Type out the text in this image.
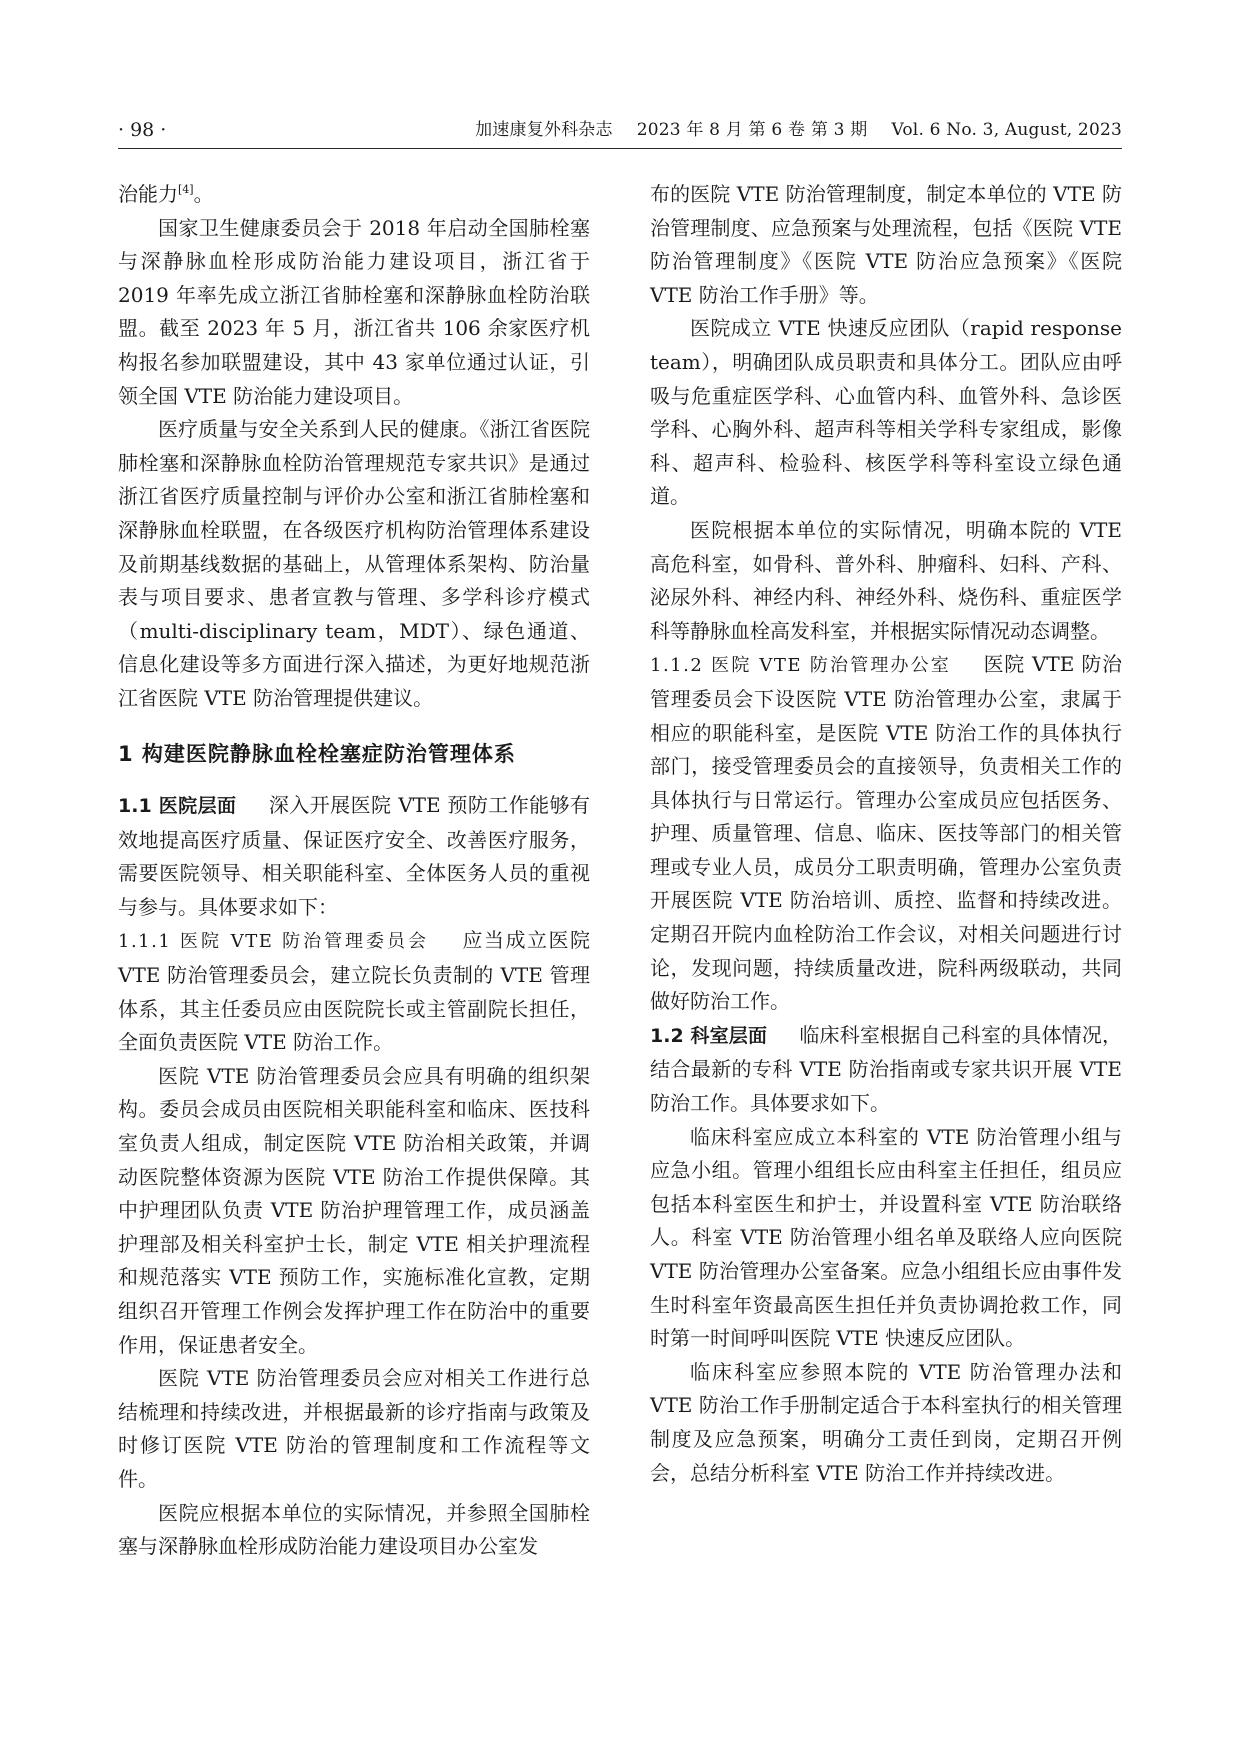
· 98 ·	加速康复外科杂志 2023 年 8 月 第 6 卷 第 3 期 Vol. 6 No. 3, August, 2023

治能力[4]。

国家卫生健康委员会于 2018 年启动全国肺栓塞与深静脉血栓形成防治能力建设项目，浙江省于 2019 年率先成立浙江省肺栓塞和深静脉血栓防治联盟。截至 2023 年 5 月，浙江省共 106 余家医疗机构报名参加联盟建设，其中 43 家单位通过认证，引领全国 VTE 防治能力建设项目。

医疗质量与安全关系到人民的健康。《浙江省医院肺栓塞和深静脉血栓防治管理规范专家共识》是通过浙江省医疗质量控制与评价办公室和浙江省肺栓塞和深静脉血栓联盟，在各级医疗机构防治管理体系建设及前期基线数据的基础上，从管理体系架构、防治量表与项目要求、患者宣教与管理、多学科诊疗模式（multi-disciplinary team，MDT）、绿色通道、信息化建设等多方面进行深入描述，为更好地规范浙江省医院 VTE 防治管理提供建议。

1 构建医院静脉血栓栓塞症防治管理体系

1.1 医院层面 深入开展医院 VTE 预防工作能够有效地提高医疗质量、保证医疗安全、改善医疗服务，需要医院领导、相关职能科室、全体医务人员的重视与参与。具体要求如下：

1.1.1 医院 VTE 防治管理委员会 应当成立医院 VTE 防治管理委员会，建立院长负责制的 VTE 管理体系，其主任委员应由医院院长或主管副院长担任，全面负责医院 VTE 防治工作。

医院 VTE 防治管理委员会应具有明确的组织架构。委员会成员由医院相关职能科室和临床、医技科室负责人组成，制定医院 VTE 防治相关政策，并调动医院整体资源为医院 VTE 防治工作提供保障。其中护理团队负责 VTE 防治护理管理工作，成员涵盖护理部及相关科室护士长，制定 VTE 相关护理流程和规范落实 VTE 预防工作，实施标准化宣教，定期组织召开管理工作例会发挥护理工作在防治中的重要作用，保证患者安全。

医院 VTE 防治管理委员会应对相关工作进行总结梳理和持续改进，并根据最新的诊疗指南与政策及时修订医院 VTE 防治的管理制度和工作流程等文件。

医院应根据本单位的实际情况，并参照全国肺栓塞与深静脉血栓形成防治能力建设项目办公室发

布的医院 VTE 防治管理制度，制定本单位的 VTE 防治管理制度、应急预案与处理流程，包括《医院 VTE 防治管理制度》《医院 VTE 防治应急预案》《医院 VTE 防治工作手册》等。

医院成立 VTE 快速反应团队（rapid response team），明确团队成员职责和具体分工。团队应由呼吸与危重症医学科、心血管内科、血管外科、急诊医学科、心胸外科、超声科等相关学科专家组成，影像科、超声科、检验科、核医学科等科室设立绿色通道。

医院根据本单位的实际情况，明确本院的 VTE 高危科室，如骨科、普外科、肿瘤科、妇科、产科、泌尿外科、神经内科、神经外科、烧伤科、重症医学科等静脉血栓高发科室，并根据实际情况动态调整。

1.1.2 医院 VTE 防治管理办公室 医院 VTE 防治管理委员会下设医院 VTE 防治管理办公室，隶属于相应的职能科室，是医院 VTE 防治工作的具体执行部门，接受管理委员会的直接领导，负责相关工作的具体执行与日常运行。管理办公室成员应包括医务、护理、质量管理、信息、临床、医技等部门的相关管理或专业人员，成员分工职责明确，管理办公室负责开展医院 VTE 防治培训、质控、监督和持续改进。定期召开院内血栓防治工作会议，对相关问题进行讨论，发现问题，持续质量改进，院科两级联动，共同做好防治工作。

1.2 科室层面 临床科室根据自己科室的具体情况，结合最新的专科 VTE 防治指南或专家共识开展 VTE 防治工作。具体要求如下。

临床科室应成立本科室的 VTE 防治管理小组与应急小组。管理小组组长应由科室主任担任，组员应包括本科室医生和护士，并设置科室 VTE 防治联络人。科室 VTE 防治管理小组名单及联络人应向医院 VTE 防治管理办公室备案。应急小组组长应由事件发生时科室年资最高医生担任并负责协调抢救工作，同时第一时间呼叫医院 VTE 快速反应团队。

临床科室应参照本院的 VTE 防治管理办法和 VTE 防治工作手册制定适合于本科室执行的相关管理制度及应急预案，明确分工责任到岗，定期召开例会，总结分析科室 VTE 防治工作并持续改进。
